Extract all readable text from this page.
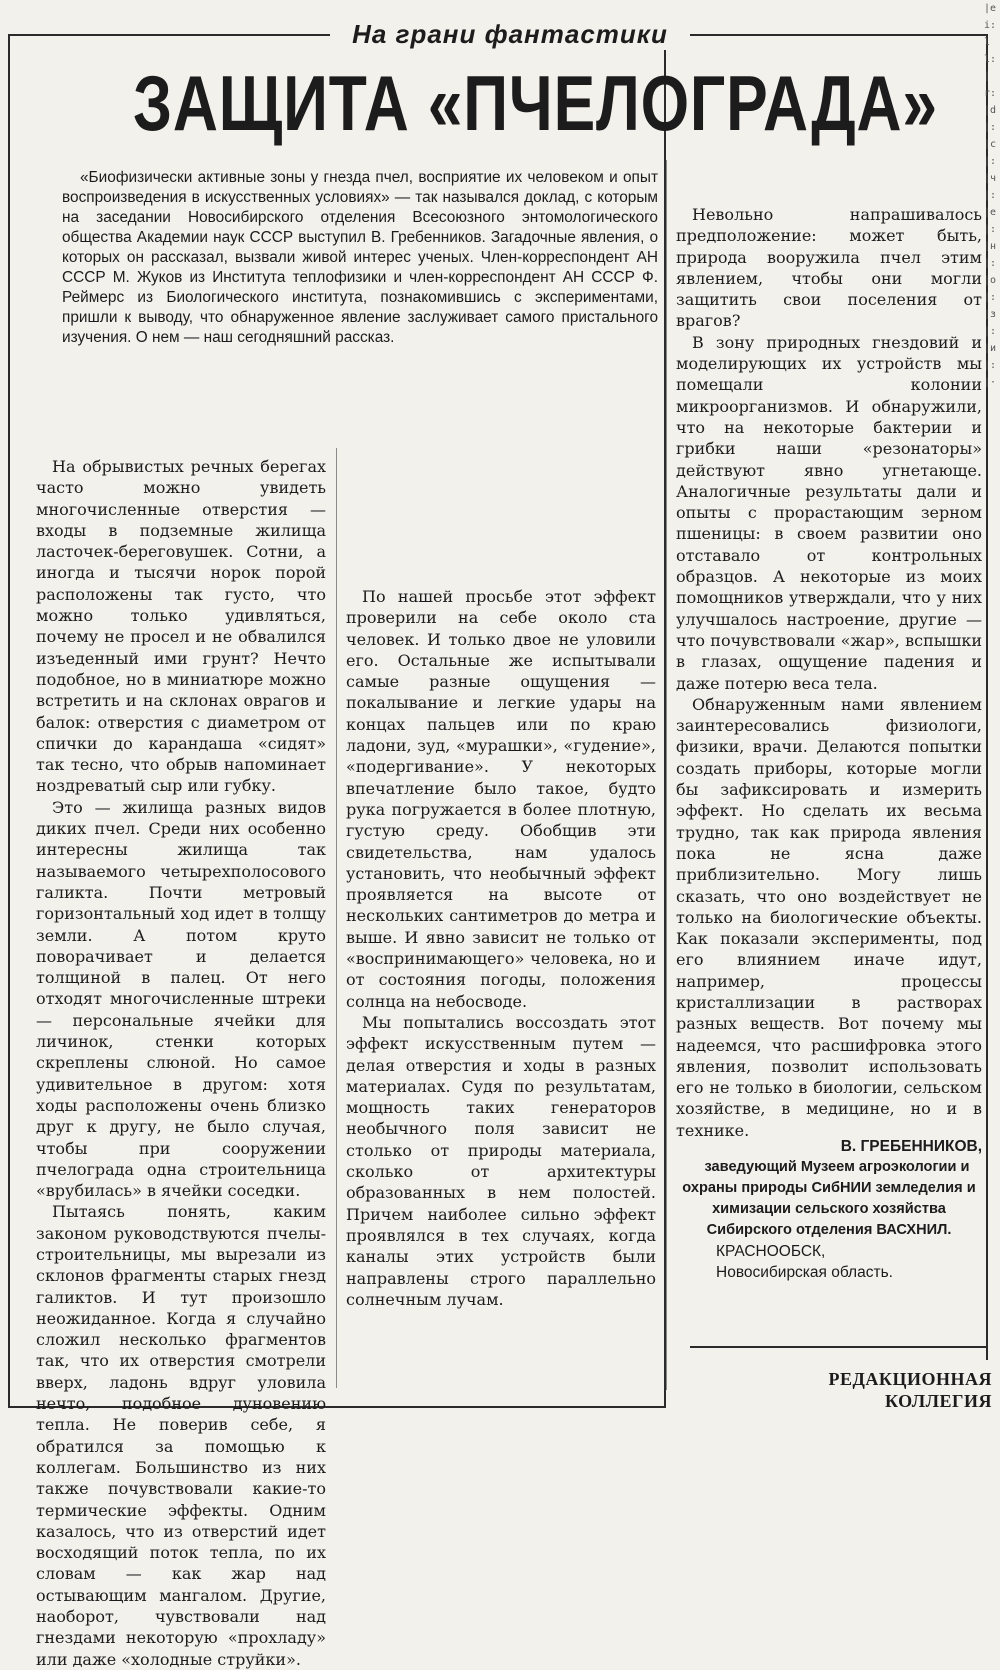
|ei:ll:|r:|d|:|c|:|ч|:|е|:|н|:|о|:|з|:|и|:|·
На грани фантастики
ЗАЩИТА «ПЧЕЛОГРАДА»

«Биофизически активные зоны у гнезда пчел, восприятие их человеком и опыт воспроизведения в искусственных условиях» — так назывался доклад, с которым на заседании Новосибирского отделения Всесоюзного энтомологического общества Академии наук СССР выступил В. Гребенников. Загадочные явления, о которых он рассказал, вызвали живой интерес ученых. Член-корреспондент АН СССР М. Жуков из Института теплофизики и член-корреспондент АН СССР Ф. Реймерс из Биологического института, познакомившись с экспериментами, пришли к выводу, что обнаруженное явление заслуживает самого пристального изучения. О нем — наш сегодняшний рассказ.

На обрывистых речных берегах часто можно увидеть многочисленные отверстия — входы в подземные жилища ласточек-береговушек. Сотни, а иногда и тысячи норок порой расположены так густо, что можно только удивляться, почему не просел и не обвалился изъеденный ими грунт? Нечто подобное, но в миниатюре можно встретить и на склонах оврагов и балок: отверстия с диаметром от спички до карандаша «сидят» так тесно, что обрыв напоминает ноздреватый сыр или губку.

Это — жилища разных видов диких пчел. Среди них особенно интересны жилища так называемого четырехполосового галикта. Почти метровый горизонтальный ход идет в толщу земли. А потом круто поворачивает и делается толщиной в палец. От него отходят многочисленные штреки — персональные ячейки для личинок, стенки которых скреплены слюной. Но самое удивительное в другом: хотя ходы расположены очень близко друг к другу, не было случая, чтобы при сооружении пчелограда одна строительница «врубилась» в ячейки соседки.

Пытаясь понять, каким законом руководствуются пчелы-строительницы, мы вырезали из склонов фрагменты старых гнезд галиктов. И тут произошло неожиданное. Когда я случайно сложил несколько фрагментов так, что их отверстия смотрели вверх, ладонь вдруг уловила нечто, подобное дуновению тепла. Не поверив себе, я обратился за помощью к коллегам. Большинство из них также почувствовали какие-то термические эффекты. Одним казалось, что из отверстий идет восходящий поток тепла, по их словам — как жар над остывающим мангалом. Другие, наоборот, чувствовали над гнездами некоторую «прохладу» или даже «холодные струйки».

По нашей просьбе этот эффект проверили на себе около ста человек. И только двое не уловили его. Остальные же испытывали самые разные ощущения — покалывание и легкие удары на концах пальцев или по краю ладони, зуд, «мурашки», «гудение», «подергивание». У некоторых впечатление было такое, будто рука погружается в более плотную, густую среду. Обобщив эти свидетельства, нам удалось установить, что необычный эффект проявляется на высоте от нескольких сантиметров до метра и выше. И явно зависит не только от «воспринимающего» человека, но и от состояния погоды, положения солнца на небосводе.

Мы попытались воссоздать этот эффект искусственным путем — делая отверстия и ходы в разных материалах. Судя по результатам, мощность таких генераторов необычного поля зависит не столько от природы материала, сколько от архитектуры образованных в нем полостей. Причем наиболее сильно эффект проявлялся в тех случаях, когда каналы этих устройств были направлены строго параллельно солнечным лучам.

Невольно напрашивалось предположение: может быть, природа вооружила пчел этим явлением, чтобы они могли защитить свои поселения от врагов?

В зону природных гнездовий и моделирующих их устройств мы помещали колонии микроорганизмов. И обнаружили, что на некоторые бактерии и грибки наши «резонаторы» действуют явно угнетающе. Аналогичные результаты дали и опыты с прорастающим зерном пшеницы: в своем развитии оно отставало от контрольных образцов. А некоторые из моих помощников утверждали, что у них улучшалось настроение, другие — что почувствовали «жар», вспышки в глазах, ощущение падения и даже потерю веса тела.

Обнаруженным нами явлением заинтересовались физиологи, физики, врачи. Делаются попытки создать приборы, которые могли бы зафиксировать и измерить эффект. Но сделать их весьма трудно, так как природа явления пока не ясна даже приблизительно. Могу лишь сказать, что оно воздействует не только на биологические объекты. Как показали эксперименты, под его влиянием иначе идут, например, процессы кристаллизации в растворах разных веществ. Вот почему мы надеемся, что расшифровка этого явления, позволит использовать его не только в биологии, сельском хозяйстве, в медицине, но и в технике.

В. ГРЕБЕННИКОВ,

заведующий Музеем агроэкологии и охраны природы СибНИИ земледелия и химизации сельского хозяйства Сибирского отделения ВАСХНИЛ.

КРАСНООБСК,

Новосибирская область.

РЕДАКЦИОННАЯ
КОЛЛЕГИЯ
